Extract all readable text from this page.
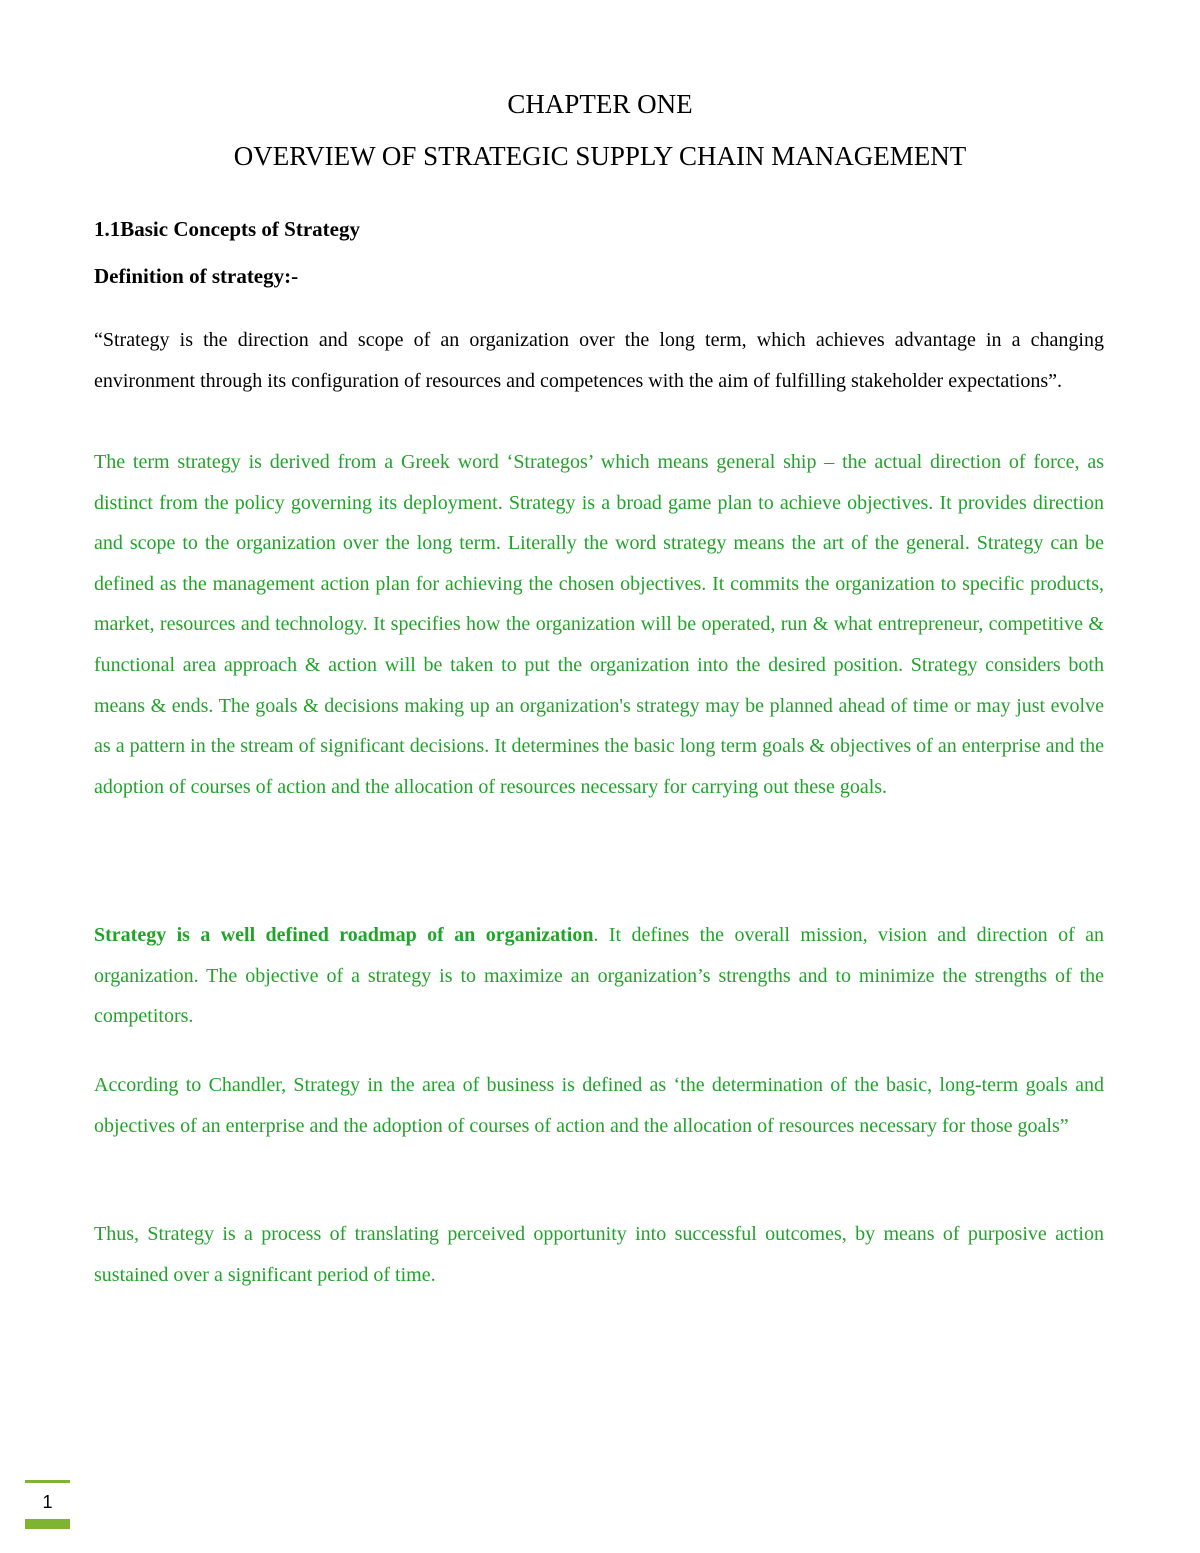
CHAPTER ONE
OVERVIEW OF STRATEGIC SUPPLY CHAIN MANAGEMENT
1.1Basic Concepts of Strategy
Definition of strategy:-

“Strategy is the direction and scope of an organization over the long term, which achieves advantage in a changing environment through its configuration of resources and competences with the aim of fulfilling stakeholder expectations”.

The term strategy is derived from a Greek word ‘Strategos’ which means general ship – the actual direction of force, as distinct from the policy governing its deployment. Strategy is a broad game plan to achieve objectives. It provides direction and scope to the organization over the long term. Literally the word strategy means the art of the general. Strategy can be defined as the management action plan for achieving the chosen objectives. It commits the organization to specific products, market, resources and technology. It specifies how the organization will be operated, run & what entrepreneur, competitive & functional area approach & action will be taken to put the organization into the desired position. Strategy considers both means & ends. The goals & decisions making up an organization's strategy may be planned ahead of time or may just evolve as a pattern in the stream of significant decisions. It determines the basic long term goals & objectives of an enterprise and the adoption of courses of action and the allocation of resources necessary for carrying out these goals.

Strategy is a well defined roadmap of an organization. It defines the overall mission, vision and direction of an organization. The objective of a strategy is to maximize an organization’s strengths and to minimize the strengths of the competitors.

According to Chandler, Strategy in the area of business is defined as ‘the determination of the basic, long-term goals and objectives of an enterprise and the adoption of courses of action and the allocation of resources necessary for those goals”

Thus, Strategy is a process of translating perceived opportunity into successful outcomes, by means of purposive action sustained over a significant period of time.

1
